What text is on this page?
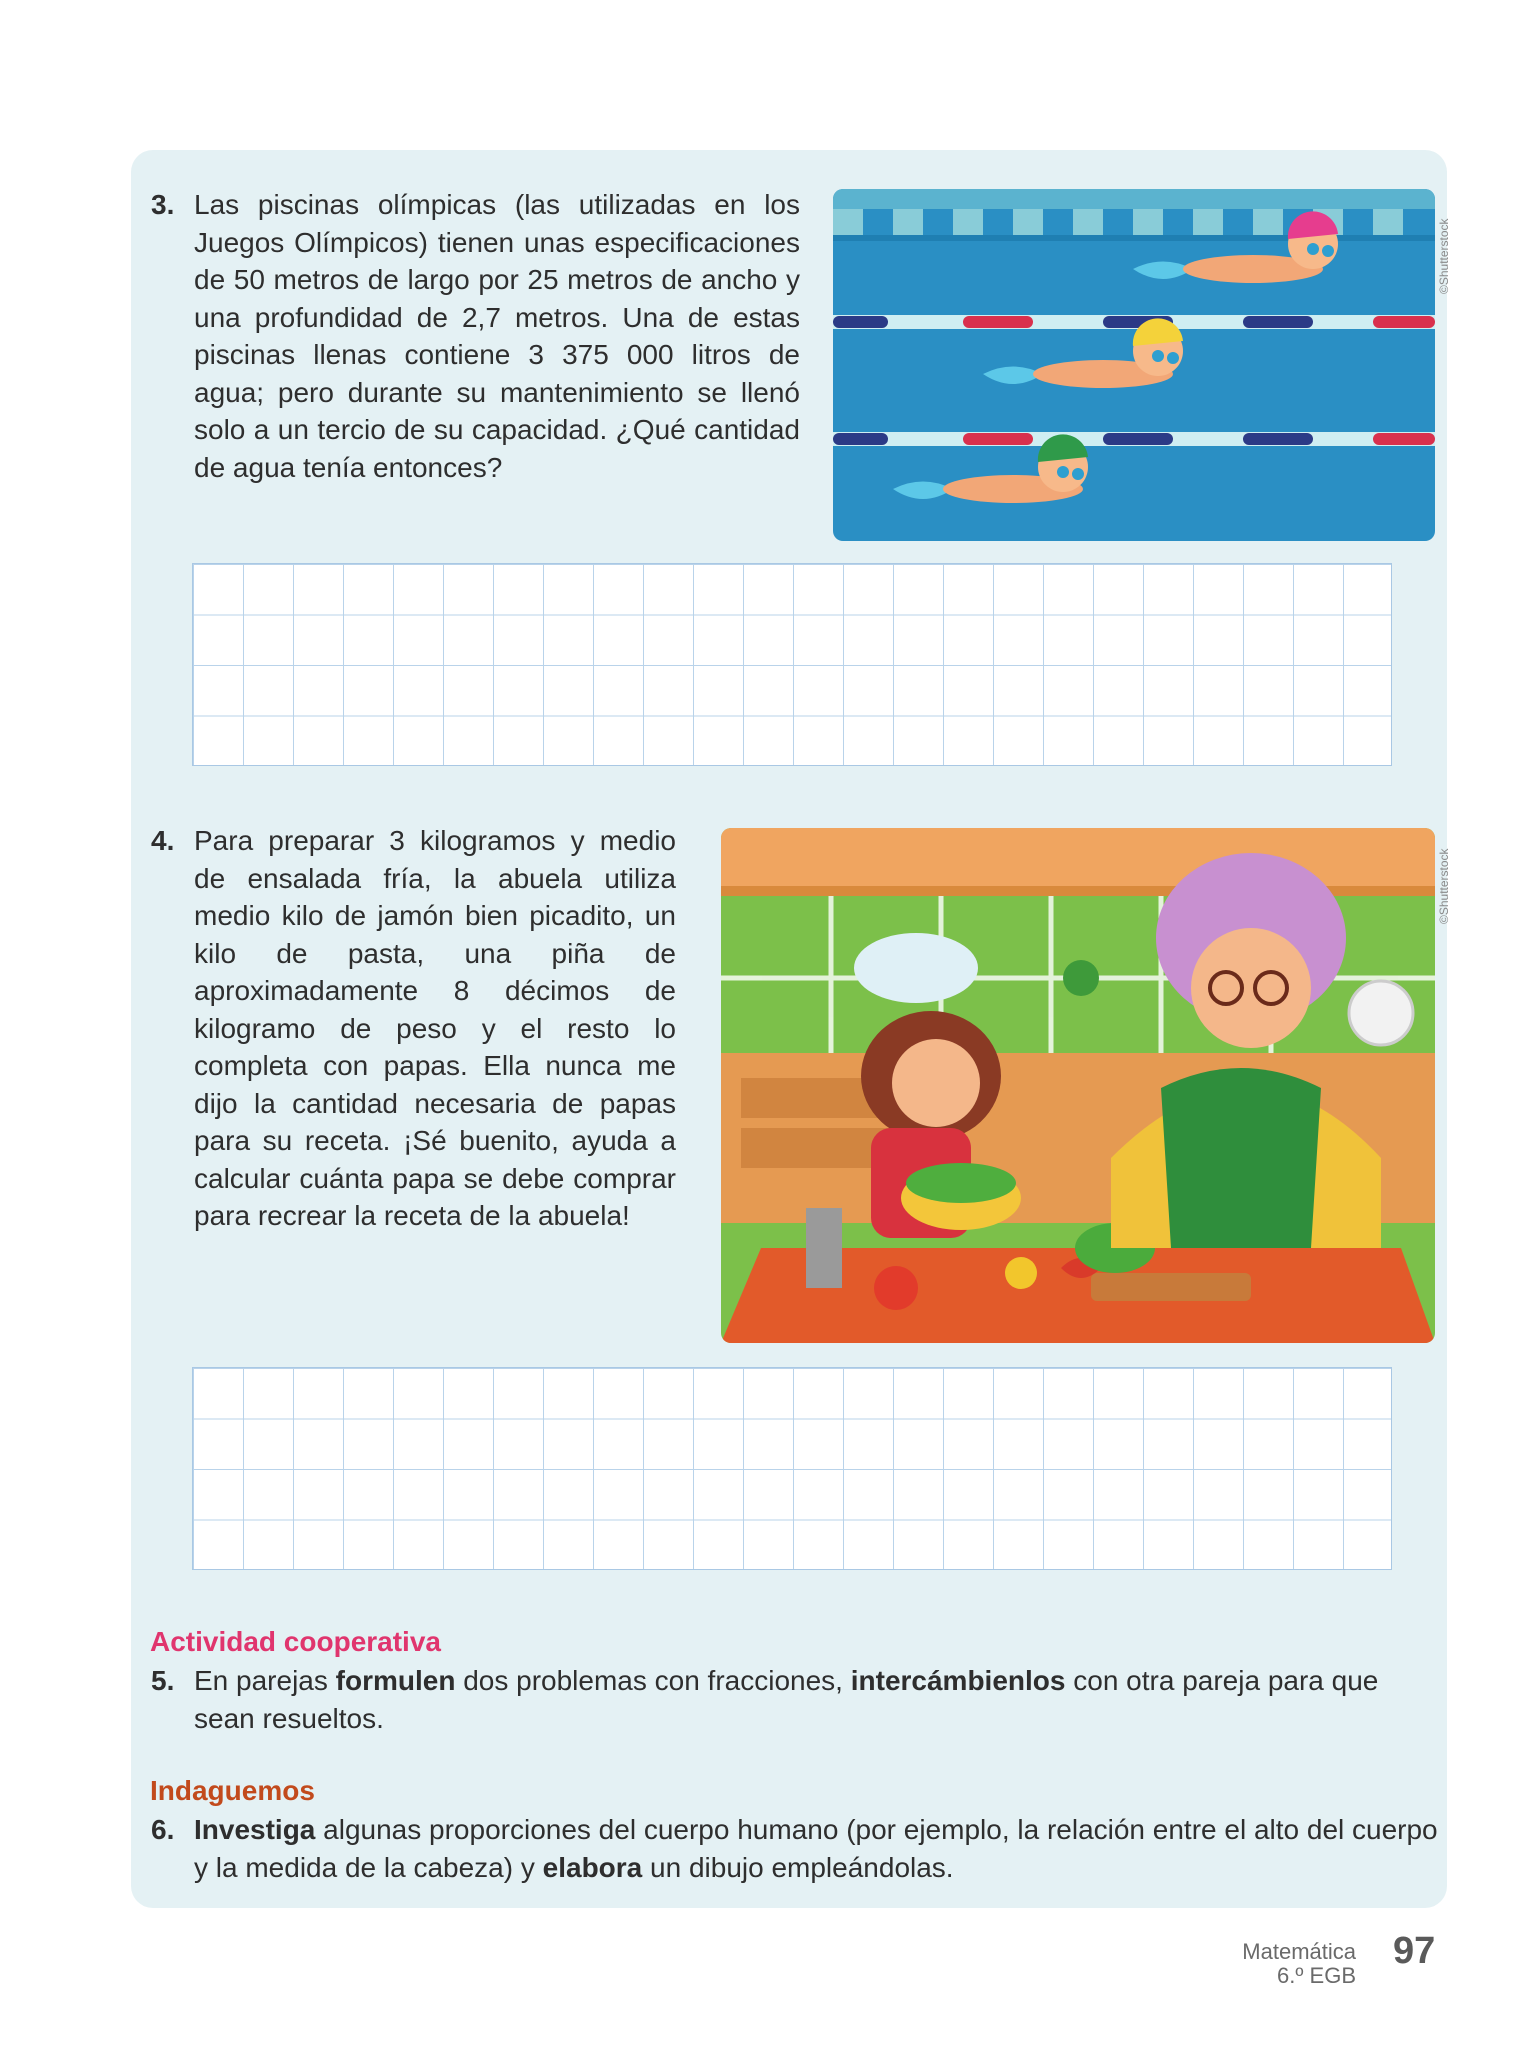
3. Las piscinas olímpicas (las utilizadas en los Juegos Olímpicos) tienen unas especificaciones de 50 metros de largo por 25 metros de ancho y una profundidad de 2,7 metros. Una de estas piscinas llenas contiene 3 375 000 litros de agua; pero durante su mantenimiento se llenó solo a un tercio de su capacidad. ¿Qué cantidad de agua tenía entonces?
©Shutterstock
4. Para preparar 3 kilogramos y medio de ensalada fría, la abuela utiliza medio kilo de jamón bien picadito, un kilo de pasta, una piña de aproximadamente 8 décimos de kilogramo de peso y el resto lo completa con papas. Ella nunca me dijo la cantidad necesaria de papas para su receta. ¡Sé buenito, ayuda a calcular cuánta papa se debe comprar para recrear la receta de la abuela!
©Shutterstock
Actividad cooperativa
5. En parejas formulen dos problemas con fracciones, intercámbienlos con otra pareja para que sean resueltos.
Indaguemos
6. Investiga algunas proporciones del cuerpo humano (por ejemplo, la relación entre el alto del cuerpo y la medida de la cabeza) y elabora un dibujo empleándolas.
Matemática
6.º EGB
97
